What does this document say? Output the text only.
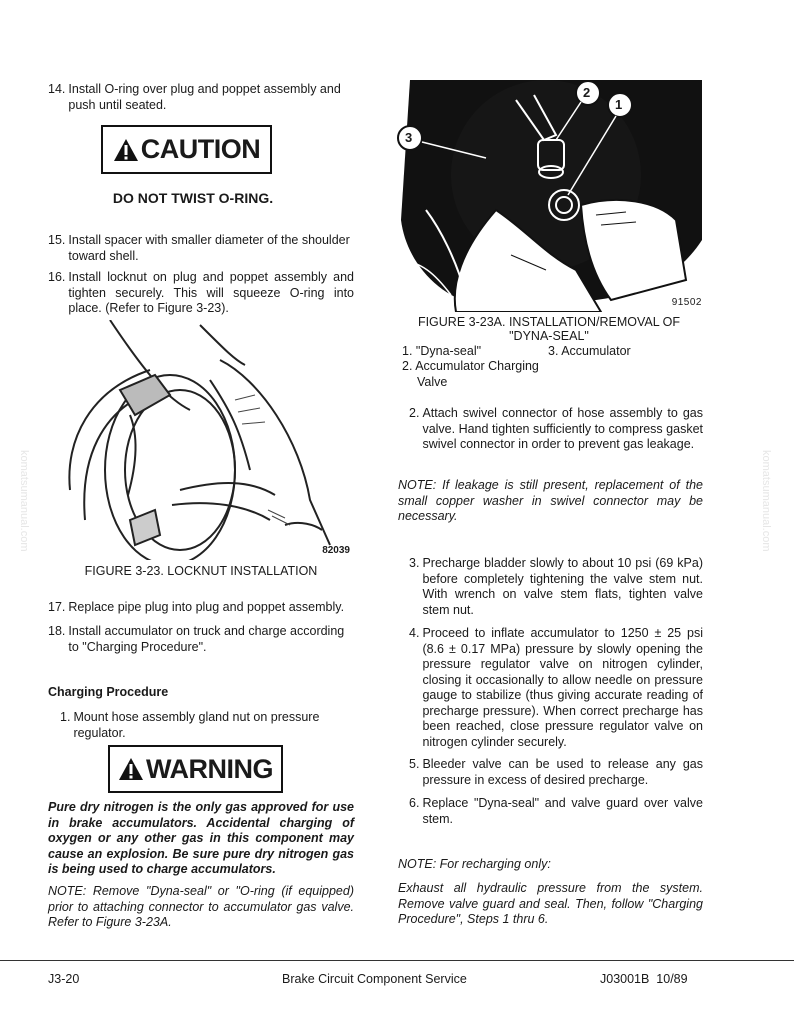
komatsumanual.com	komatsumanual.com
14. Install O-ring over plug and poppet assembly and push until seated.
CAUTION
DO NOT TWIST O-RING.
15. Install spacer with smaller diameter of the shoulder toward shell.
16. Install locknut on plug and poppet assembly and tighten securely. This will squeeze O-ring into place. (Refer to Figure 3-23).
82039
FIGURE 3-23. LOCKNUT INSTALLATION
17. Replace pipe plug into plug and poppet assembly.
18. Install accumulator on truck and charge according to "Charging Procedure".
Charging Procedure
1. Mount hose assembly gland nut on pressure regulator.
WARNING
Pure dry nitrogen is the only gas approved for use in brake accumulators. Accidental charging of oxygen or any other gas in this component may cause an explosion. Be sure pure dry nitrogen gas is being used to charge accumulators.
NOTE: Remove "Dyna-seal" or "O-ring (if equipped) prior to attaching connector to accumulator gas valve. Refer to Figure 3-23A.
1
2
3
91502
FIGURE 3-23A. INSTALLATION/REMOVAL OF
"DYNA-SEAL"
1. "Dyna-seal"	3. Accumulator
2. Accumulator Charging
Valve
2. Attach swivel connector of hose assembly to gas valve. Hand tighten sufficiently to compress gasket swivel connector in order to prevent gas leakage.
NOTE: If leakage is still present, replacement of the small copper washer in swivel connector may be necessary.
3. Precharge bladder slowly to about 10 psi (69 kPa) before completely tightening the valve stem nut. With wrench on valve stem flats, tighten valve stem nut.
4. Proceed to inflate accumulator to 1250 ± 25 psi (8.6 ± 0.17 MPa) pressure by slowly opening the pressure regulator valve on nitrogen cylinder, closing it occasionally to allow needle on pressure gauge to stabilize (thus giving accurate reading of precharge pressure). When correct precharge has been reached, close pressure regulator valve on nitrogen cylinder securely.
5. Bleeder valve can be used to release any gas pressure in excess of desired precharge.
6. Replace "Dyna-seal" and valve guard over valve stem.
NOTE: For recharging only:
Exhaust all hydraulic pressure from the system. Remove valve guard and seal. Then, follow "Charging Procedure", Steps 1 thru 6.
J3-20	Brake Circuit Component Service	J03001B  10/89
